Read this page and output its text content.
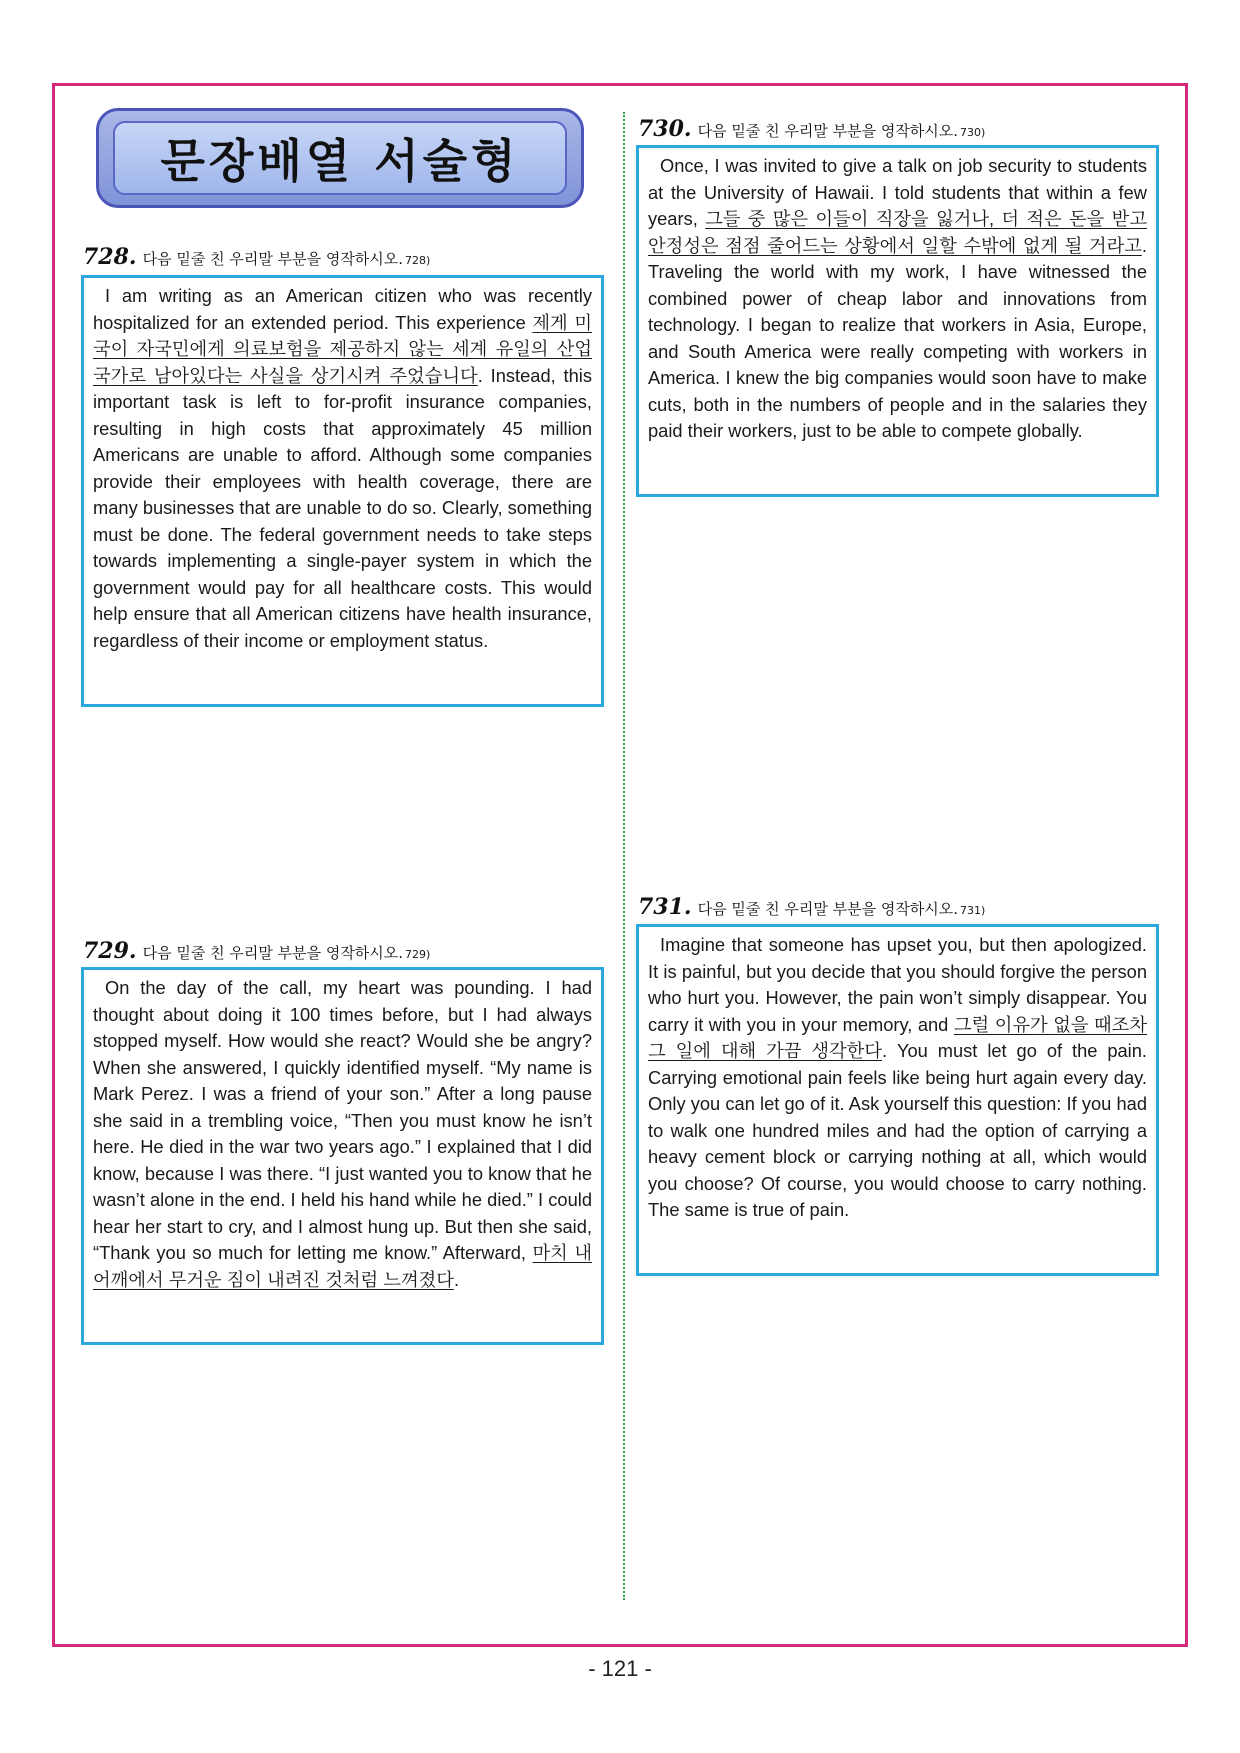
문장배열 서술형
728. 다음 밑줄 친 우리말 부분을 영작하시오. 728)

I am writing as an American citizen who was recently hospitalized for an extended period. This experience 제게 미국이 자국민에게 의료보험을 제공하지 않는 세계 유일의 산업 국가로 남아있다는 사실을 상기시켜 주었습니다. Instead, this important task is left to for-profit insurance companies, resulting in high costs that approximately 45 million Americans are unable to afford. Although some companies provide their employees with health coverage, there are many businesses that are unable to do so. Clearly, something must be done. The federal government needs to take steps towards implementing a single-payer system in which the government would pay for all healthcare costs. This would help ensure that all American citizens have health insurance, regardless of their income or employment status.

729. 다음 밑줄 친 우리말 부분을 영작하시오. 729)

On the day of the call, my heart was pounding. I had thought about doing it 100 times before, but I had always stopped myself. How would she react? Would she be angry? When she answered, I quickly identified myself. “My name is Mark Perez. I was a friend of your son.” After a long pause she said in a trembling voice, “Then you must know he isn’t here. He died in the war two years ago.” I explained that I did know, because I was there. “I just wanted you to know that he wasn’t alone in the end. I held his hand while he died.” I could hear her start to cry, and I almost hung up. But then she said, “Thank you so much for letting me know.” Afterward, 마치 내 어깨에서 무거운 짐이 내려진 것처럼 느껴졌다.

730. 다음 밑줄 친 우리말 부분을 영작하시오. 730)

Once, I was invited to give a talk on job security to students at the University of Hawaii. I told students that within a few years, 그들 중 많은 이들이 직장을 잃거나, 더 적은 돈을 받고 안정성은 점점 줄어드는 상황에서 일할 수밖에 없게 될 거라고. Traveling the world with my work, I have witnessed the combined power of cheap labor and innovations from technology. I began to realize that workers in Asia, Europe, and South America were really competing with workers in America. I knew the big companies would soon have to make cuts, both in the numbers of people and in the salaries they paid their workers, just to be able to compete globally.

731. 다음 밑줄 친 우리말 부분을 영작하시오. 731)

Imagine that someone has upset you, but then apologized. It is painful, but you decide that you should forgive the person who hurt you. However, the pain won’t simply disappear. You carry it with you in your memory, and 그럴 이유가 없을 때조차 그 일에 대해 가끔 생각한다. You must let go of the pain. Carrying emotional pain feels like being hurt again every day. Only you can let go of it. Ask yourself this question: If you had to walk one hundred miles and had the option of carrying a heavy cement block or carrying nothing at all, which would you choose? Of course, you would choose to carry nothing. The same is true of pain.

- 121 -
